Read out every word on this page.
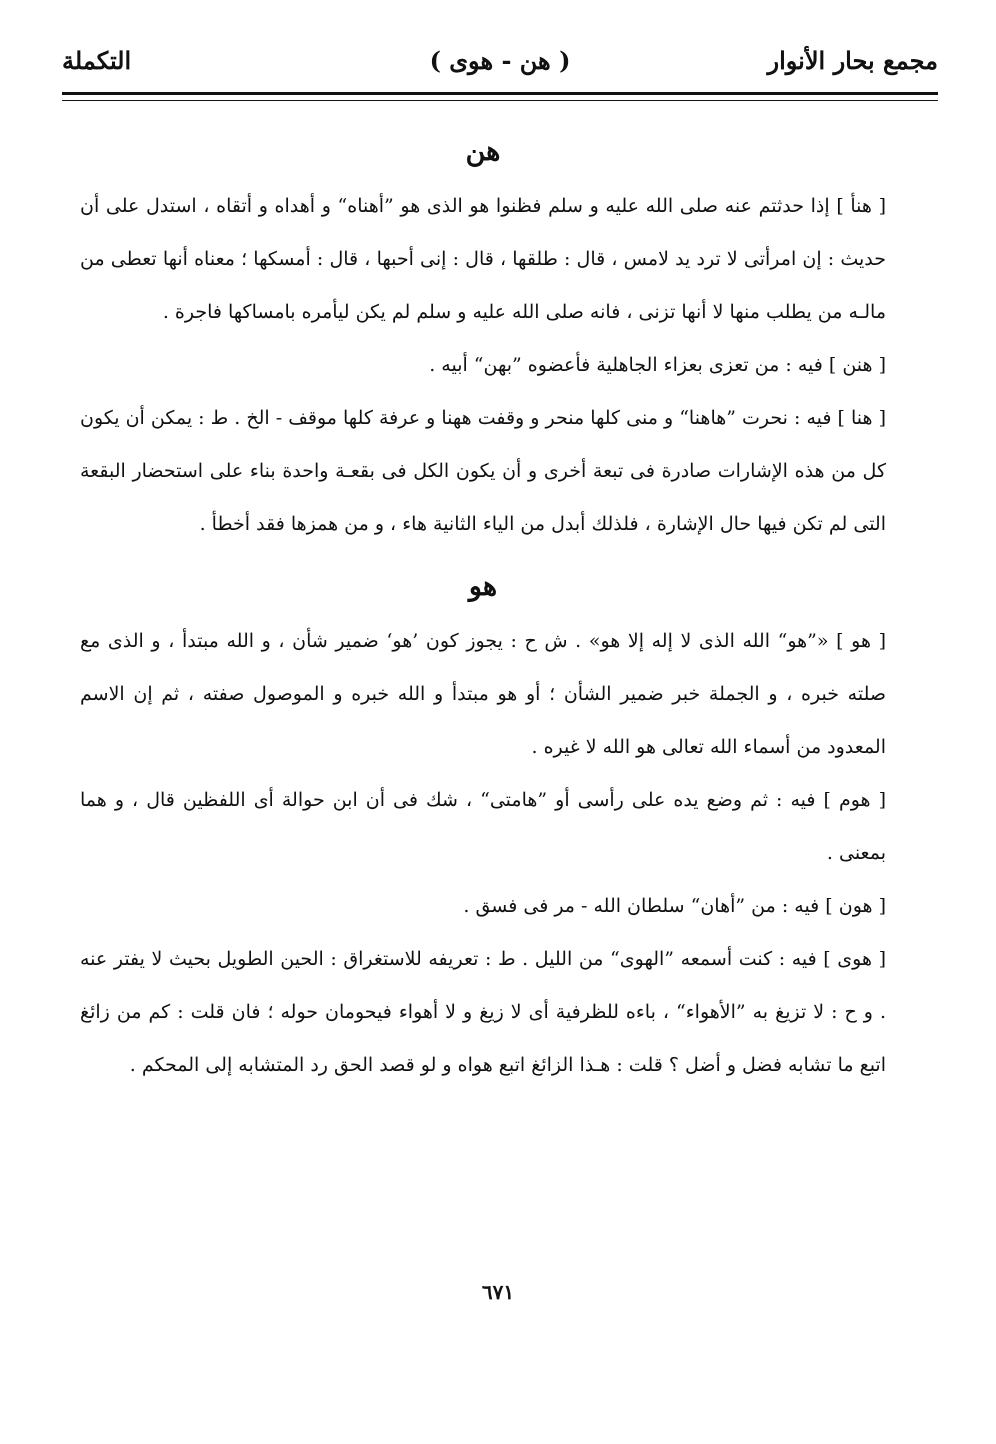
مجمع بحار الأنوار
( هن - هوى )
التكملة
هن

[ هنأ ] إذا حدثتم عنه صلى الله عليه و سلم فظنوا هو الذى هو ”أهناه“ و أهداه و أتقاه ، استدل على أن حديث : إن امرأتى لا ترد يد لامس ، قال : طلقها ، قال : إنى أحبها ، قال : أمسكها ؛ معناه أنها تعطى من مالـه من يطلب منها لا أنها تزنى ، فانه صلى الله عليه و سلم لم يكن ليأمره بامساكها فاجرة .

[ هنن ] فيه : من تعزى بعزاء الجاهلية فأعضوه ”بهن“ أبيه .

[ هنا ] فيه : نحرت ”هاهنا“ و منى كلها منحر و وقفت ههنا و عرفة كلها موقف - الخ . ط : يمكن أن يكون كل من هذه الإشارات صادرة فى تبعة أخرى و أن يكون الكل فى بقعـة واحدة بناء على استحضار البقعة التى لم تكن فيها حال الإشارة ، فلذلك أبدل من الياء الثانية هاء ، و من همزها فقد أخطأ .

هو

[ هو ] «”هو“ الله الذى لا إله إلا هو» . ش ح : يجوز كون ’هو‘ ضمير شأن ، و الله مبتدأ ، و الذى مع صلته خبره ، و الجملة خبر ضمير الشأن ؛ أو هو مبتدأ و الله خبره و الموصول صفته ، ثم إن الاسم المعدود من أسماء الله تعالى هو الله لا غيره .

[ هوم ] فيه : ثم وضع يده على رأسى أو ”هامتى“ ، شك فى أن ابن حوالة أى اللفظين قال ، و هما بمعنى .

[ هون ] فيه : من ”أهان“ سلطان الله - مر فى فسق .

[ هوى ] فيه : كنت أسمعه ”الهوى“ من الليل . ط : تعريفه للاستغراق : الحين الطويل بحيث لا يفتر عنه . و ح : لا تزيغ به ”الأهواء“ ، باءه للظرفية أى لا زيغ و لا أهواء فيحومان حوله ؛ فان قلت : كم من زائغ اتبع ما تشابه فضل و أضل ؟ قلت : هـذا الزائغ اتبع هواه و لو قصد الحق رد المتشابه إلى المحكم .

٦٧١
